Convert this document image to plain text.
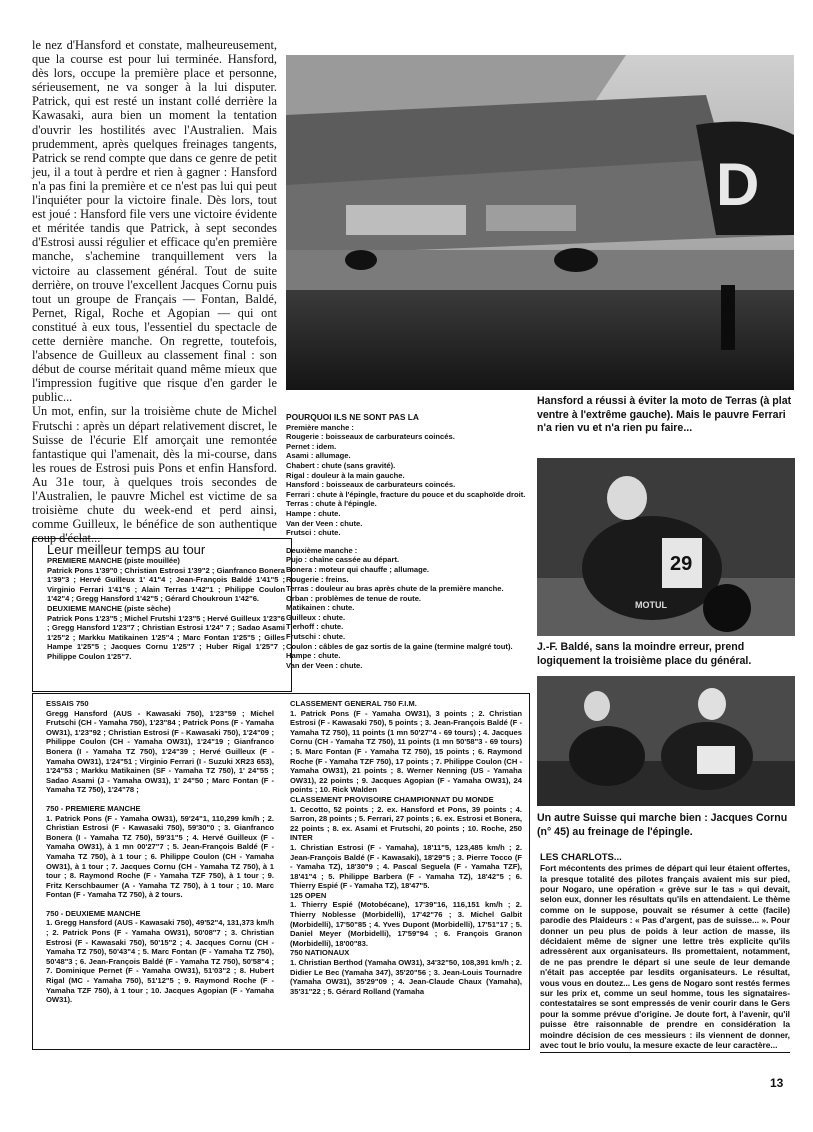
le nez d'Hansford et constate, malheureusement, que la course est pour lui terminée. Hansford, dès lors, occupe la première place et personne, sérieusement, ne va songer à la lui disputer. Patrick, qui est resté un instant collé derrière la Kawasaki, aura bien un moment la tentation d'ouvrir les hostilités avec l'Australien. Mais prudemment, après quelques freinages tangents, Patrick se rend compte que dans ce genre de petit jeu, il a tout à perdre et rien à gagner : Hansford n'a pas fini la première et ce n'est pas lui qui peut l'inquiéter pour la victoire finale. Dès lors, tout est joué : Hansford file vers une victoire évidente et méritée tandis que Patrick, à sept secondes d'Estrosi aussi régulier et efficace qu'en première manche, s'achemine tranquillement vers la victoire au classement général. Tout de suite derrière, on trouve l'excellent Jacques Cornu puis tout un groupe de Français — Fontan, Baldé, Pernet, Rigal, Roche et Agopian — qui ont constitué à eux tous, l'essentiel du spectacle de cette dernière manche. On regrette, toutefois, l'absence de Guilleux au classement final : son début de course méritait quand même mieux que l'impression fugitive que risque d'en garder le public...

Un mot, enfin, sur la troisième chute de Michel Frutschi : après un départ relativement discret, le Suisse de l'écurie Elf amorçait une remontée fantastique qui l'amenait, dès la mi-course, dans les roues de Estrosi puis Pons et enfin Hansford. Au 31e tour, à quelques trois secondes de l'Australien, le pauvre Michel est victime de sa troisième chute du week-end et perd ainsi, comme Guilleux, le bénéfice de son authentique coup d'éclat...

D
Hansford a réussi à éviter la moto de Terras (à plat ventre à l'extrême gauche). Mais le pauvre Ferrari n'a rien vu et n'a rien pu faire...
29
MOTUL
J.-F. Baldé, sans la moindre erreur, prend logiquement la troisième place du général.
Un autre Suisse qui marche bien : Jacques Cornu (n° 45) au freinage de l'épingle.

POURQUOI ILS NE SONT PAS LA

Première manche :

Rougerie : boisseaux de carburateurs coincés.

Pernet : idem.

Asami : allumage.

Chabert : chute (sans gravité).

Rigal : douleur à la main gauche.

Hansford : boisseaux de carburateurs coincés.

Ferrari : chute à l'épingle, fracture du pouce et du scaphoïde droit.

Terras : chute à l'épingle.

Hampe : chute.

Van der Veen : chute.

Frutsci : chute.

Deuxième manche :

Pujo : chaîne cassée au départ.

Bonera : moteur qui chauffe ; allumage.

Rougerie : freins.

Terras : douleur au bras après chute de la première manche.

Orban : problèmes de tenue de route.

Matikainen : chute.

Guilleux : chute.

Tierhoff : chute.

Frutschi : chute.

Coulon : câbles de gaz sortis de la gaine (termine malgré tout).

Hampe : chute.

Van der Veen : chute.

Leur meilleur temps au tour

PREMIERE MANCHE (piste mouillée)

Patrick Pons 1'39"0 ; Christian Estrosi 1'39"2 ; Gianfranco Bonera 1'39"3 ; Hervé Guilleux 1' 41"4 ; Jean-François Baldé 1'41"5 ; Virginio Ferrari 1'41"6 ; Alain Terras 1'42"1 ; Philippe Coulon 1'42"4 ; Gregg Hansford 1'42"5 ; Gérard Choukroun 1'42"6.

DEUXIEME MANCHE (piste sèche)

Patrick Pons 1'23"5 ; Michel Frutshi 1'23"5 ; Hervé Guilleux 1'23"6 ; Gregg Hansford 1'23"7 ; Christian Estrosi 1'24" 7 ; Sadao Asami 1'25"2 ; Markku Matikainen 1'25"4 ; Marc Fontan 1'25"5 ; Gilles Hampe 1'25"5 ; Jacques Cornu 1'25"7 ; Huber Rigal 1'25"7 ; Philippe Coulon 1'25"7.

ESSAIS 750

Gregg Hansford (AUS - Kawasaki 750), 1'23"59 ; Michel Frutschi (CH - Yamaha 750), 1'23"84 ; Patrick Pons (F - Yamaha OW31), 1'23"92 ; Christian Estrosi (F - Kawasaki 750), 1'24"09 ; Philippe Coulon (CH - Yamaha OW31), 1'24"19 ; Gianfranco Bonera (I - Yamaha TZ 750), 1'24"39 ; Hervé Guilleux (F - Yamaha OW31), 1'24"51 ; Virginio Ferrari (I - Suzuki XR23 653), 1'24"53 ; Markku Matikainen (SF - Yamaha TZ 750), 1' 24"55 ; Sadao Asami (J - Yamaha OW31), 1' 24"50 ; Marc Fontan (F - Yamaha TZ 750), 1'24"78 ;

750 - PREMIERE MANCHE

1. Patrick Pons (F - Yamaha OW31), 59'24"1, 110,299 km/h ; 2. Christian Estrosi (F - Kawasaki 750), 59'30"0 ; 3. Gianfranco Bonera (I - Yamaha TZ 750), 59'31"5 ; 4. Hervé Guilleux (F - Yamaha OW31), à 1 mn 00'27"7 ; 5. Jean-François Baldé (F - Yamaha TZ 750), à 1 tour ; 6. Philippe Coulon (CH - Yamaha OW31), à 1 tour ; 7. Jacques Cornu (CH - Yamaha TZ 750), à 1 tour ; 8. Raymond Roche (F - Yamaha TZF 750), à 1 tour ; 9. Fritz Kerschbaumer (A - Yamaha TZ 750), à 1 tour ; 10. Marc Fontan (F - Yamaha TZ 750), à 2 tours.

750 - DEUXIEME MANCHE

1. Gregg Hansford (AUS - Kawasaki 750), 49'52"4, 131,373 km/h ; 2. Patrick Pons (F - Yamaha OW31), 50'08"7 ; 3. Christian Estrosi (F - Kawasaki 750), 50'15"2 ; 4. Jacques Cornu (CH - Yamaha TZ 750), 50'43"4 ; 5. Marc Fontan (F - Yamaha TZ 750), 50'48"3 ; 6. Jean-François Baldé (F - Yamaha TZ 750), 50'58"4 ; 7. Dominique Pernet (F - Yamaha OW31), 51'03"2 ; 8. Hubert Rigal (MC - Yamaha 750), 51'12"5 ; 9. Raymond Roche (F - Yamaha TZF 750), à 1 tour ; 10. Jacques Agopian (F - Yamaha OW31).

CLASSEMENT GENERAL 750 F.I.M.

1. Patrick Pons (F - Yamaha OW31), 3 points ; 2. Christian Estrosi (F - Kawasaki 750), 5 points ; 3. Jean-François Baldé (F - Yamaha TZ 750), 11 points (1 mn 50'27"4 - 69 tours) ; 4. Jacques Cornu (CH - Yamaha TZ 750), 11 points (1 mn 50'58"3 - 69 tours) ; 5. Marc Fontan (F - Yamaha TZ 750), 15 points ; 6. Raymond Roche (F - Yamaha TZF 750), 17 points ; 7. Philippe Coulon (CH - Yamaha OW31), 21 points ; 8. Werner Nenning (US - Yamaha OW31), 22 points ; 9. Jacques Agopian (F - Yamaha OW31), 24 points ; 10. Rick Walden

CLASSEMENT PROVISOIRE CHAMPIONNAT DU MONDE

1. Cecotto, 52 points ; 2. ex. Hansford et Pons, 39 points ; 4. Sarron, 28 points ; 5. Ferrari, 27 points ; 6. ex. Estrosi et Bonera, 22 points ; 8. ex. Asami et Frutschi, 20 points ; 10. Roche, 250 INTER

1. Christian Estrosi (F - Yamaha), 18'11"5, 123,485 km/h ; 2. Jean-François Baldé (F - Kawasaki), 18'29"5 ; 3. Pierre Tocco (F - Yamaha TZ), 18'30"9 ; 4. Pascal Seguela (F - Yamaha TZF), 18'41"4 ; 5. Philippe Barbera (F - Yamaha TZ), 18'42"5 ; 6. Thierry Espié (F - Yamaha TZ), 18'47"5.

125 OPEN

1. Thierry Espié (Motobécane), 17'39"16, 116,151 km/h ; 2. Thierry Noblesse (Morbidelli), 17'42"76 ; 3. Michel Galbit (Morbidelli), 17'50"85 ; 4. Yves Dupont (Morbidelli), 17'51"17 ; 5. Daniel Meyer (Morbidelli), 17'59"94 ; 6. François Granon (Morbidelli), 18'00"83.

750 NATIONAUX

1. Christian Berthod (Yamaha OW31), 34'32"50, 108,391 km/h ; 2. Didier Le Bec (Yamaha 347), 35'20"56 ; 3. Jean-Louis Tournadre (Yamaha OW31), 35'29"09 ; 4. Jean-Claude Chaux (Yamaha), 35'31"22 ; 5. Gérard Rolland (Yamaha

LES CHARLOTS...
Fort mécontents des primes de départ qui leur étaient offertes, la presque totalité des pilotes français avaient mis sur pied, pour Nogaro, une opération « grève sur le tas » qui devait, selon eux, donner les résultats qu'ils en attendaient. Le thème comme on le suppose, pouvait se résumer à cette (facile) parodie des Plaideurs : « Pas d'argent, pas de suisse... ». Pour donner un peu plus de poids à leur action de masse, ils décidaient même de signer une lettre très explicite qu'ils adressèrent aux organisateurs. Ils promettaient, notamment, de ne pas prendre le départ si une seule de leur demande n'était pas acceptée par lesdits organisateurs. Le résultat, vous vous en doutez... Les gens de Nogaro sont restés fermes sur les prix et, comme un seul homme, tous les signataires-contestataires se sont empressés de venir courir dans le Gers pour la somme prévue d'origine. Je doute fort, à l'avenir, qu'il puisse être raisonnable de prendre en considération la moindre décision de ces messieurs : ils viennent de donner, avec tout le brio voulu, la mesure exacte de leur caractère...
13
